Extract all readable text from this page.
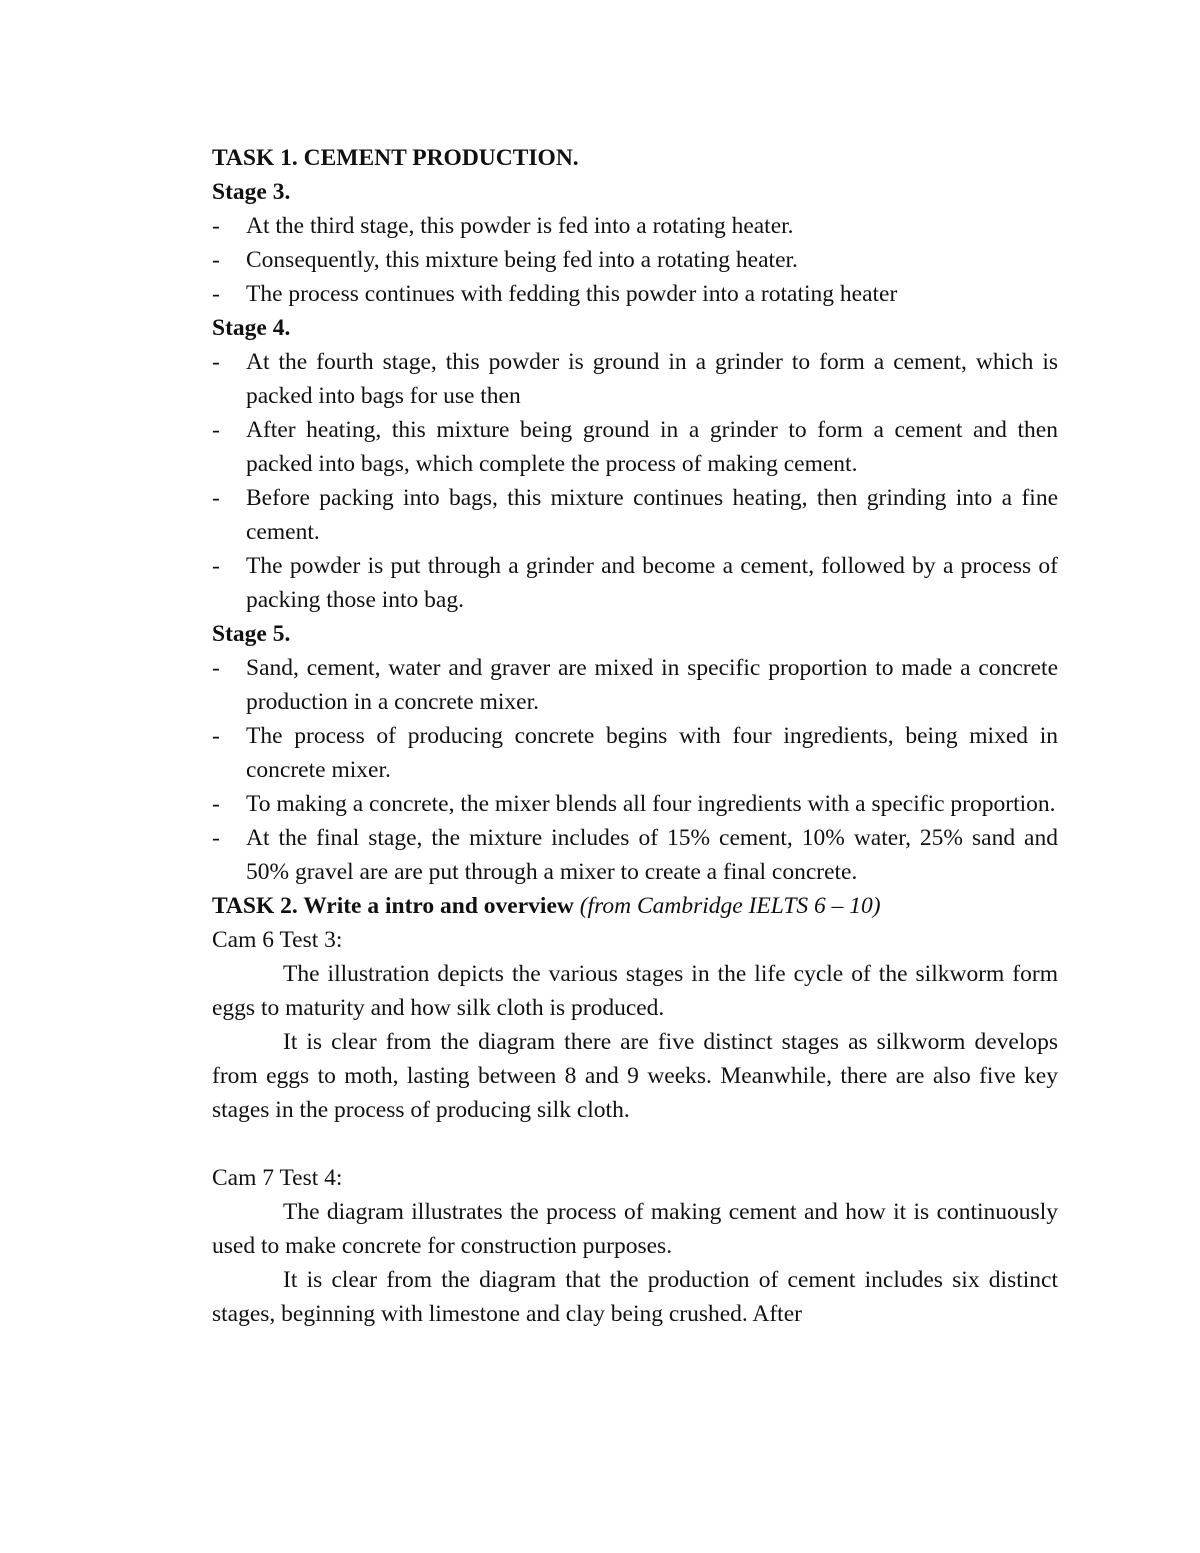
TASK 1. CEMENT PRODUCTION.
Stage 3.
- At the third stage, this powder is fed into a rotating heater.
- Consequently, this mixture being fed into a rotating heater.
- The process continues with fedding this powder into a rotating heater
Stage 4.
- At the fourth stage, this powder is ground in a grinder to form a cement, which is packed into bags for use then
- After heating, this mixture being ground in a grinder to form a cement and then packed into bags, which complete the process of making cement.
- Before packing into bags, this mixture continues heating, then grinding into a fine cement.
- The powder is put through a grinder and become a cement, followed by a process of packing those into bag.
Stage 5.
- Sand, cement, water and graver are mixed in specific proportion to made a concrete production in a concrete mixer.
- The process of producing concrete begins with four ingredients, being mixed in concrete mixer.
- To making a concrete, the mixer blends all four ingredients with a specific proportion.
- At the final stage, the mixture includes of 15% cement, 10% water, 25% sand and 50% gravel are are put through a mixer to create a final concrete.
TASK 2. Write a intro and overview (from Cambridge IELTS 6 – 10)

Cam 6 Test 3:

The illustration depicts the various stages in the life cycle of the silkworm form eggs to maturity and how silk cloth is produced.

It is clear from the diagram there are five distinct stages as silkworm develops from eggs to moth, lasting between 8 and 9 weeks. Meanwhile, there are also five key stages in the process of producing silk cloth.

Cam 7 Test 4:

The diagram illustrates the process of making cement and how it is continuously used to make concrete for construction purposes.

It is clear from the diagram that the production of cement includes six distinct stages, beginning with limestone and clay being crushed. After
